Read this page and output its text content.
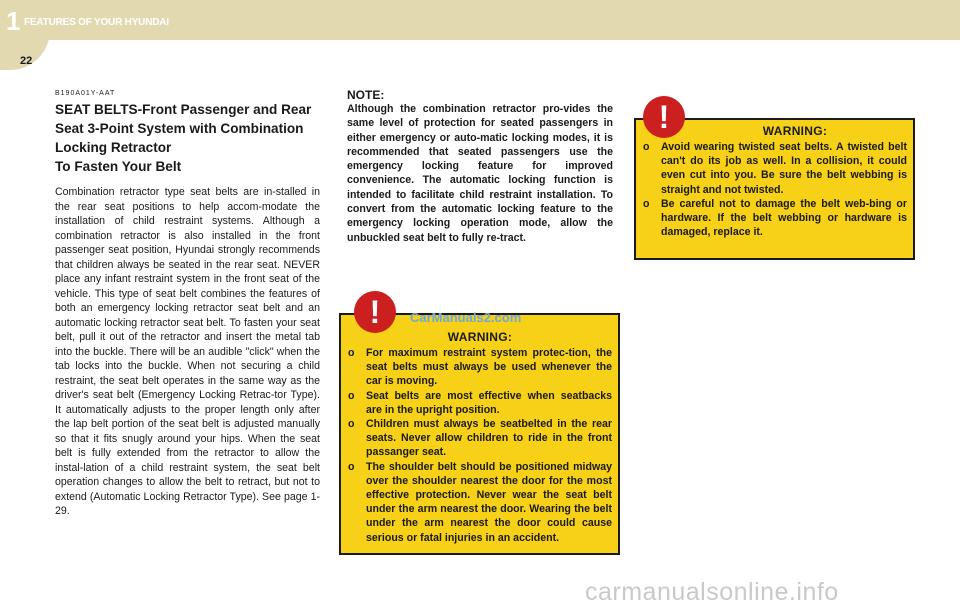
1 FEATURES OF YOUR HYUNDAI
22
B190A01Y-AAT
SEAT BELTS-Front Passenger and Rear
Seat 3-Point System with Combination
Locking Retractor
To Fasten Your Belt
Combination retractor type seat belts are in-stalled in the rear seat positions to help accom-modate the installation of child restraint systems. Although a combination retractor is also installed in the front passenger seat position, Hyundai strongly recommends that children always be seated in the rear seat. NEVER place any infant restraint system in the front seat of the vehicle. This type of seat belt combines the features of both an emergency locking retractor seat belt and an automatic locking retractor seat belt. To fasten your seat belt, pull it out of the retractor and insert the metal tab into the buckle. There will be an audible "click" when the tab locks into the buckle. When not securing a child restraint, the seat belt operates in the same way as the driver's seat belt (Emergency Locking Retrac-tor Type). It automatically adjusts to the proper length only after the lap belt portion of the seat belt is adjusted manually so that it fits snugly around your hips. When the seat belt is fully extended from the retractor to allow the instal-lation of a child restraint system, the seat belt operation changes to allow the belt to retract, but not to extend (Automatic Locking Retractor Type). See page 1-29.
NOTE:
Although the combination retractor pro-vides the same level of protection for seated passengers in either emergency or auto-matic locking modes, it is recommended that seated passengers use the emergency locking feature for improved convenience. The automatic locking function is intended to facilitate child restraint installation. To convert from the automatic locking feature to the emergency locking operation mode, allow the unbuckled seat belt to fully re-tract.
WARNING:
o For maximum restraint system protec-tion, the seat belts must always be used whenever the car is moving.
o Seat belts are most effective when seatbacks are in the upright position.
o Children must always be seatbelted in the rear seats. Never allow children to ride in the front passanger seat.
o The shoulder belt should be positioned midway over the shoulder nearest the door for the most effective protection. Never wear the seat belt under the arm nearest the door. Wearing the belt under the arm nearest the door could cause serious or fatal injuries in an accident.
!
WARNING:
o Avoid wearing twisted seat belts. A twisted belt can't do its job as well. In a collision, it could even cut into you. Be sure the belt webbing is straight and not twisted.
o Be careful not to damage the belt web-bing or hardware. If the belt webbing or hardware is damaged, replace it.
!
CarManuals2.com
carmanualsonline.info
